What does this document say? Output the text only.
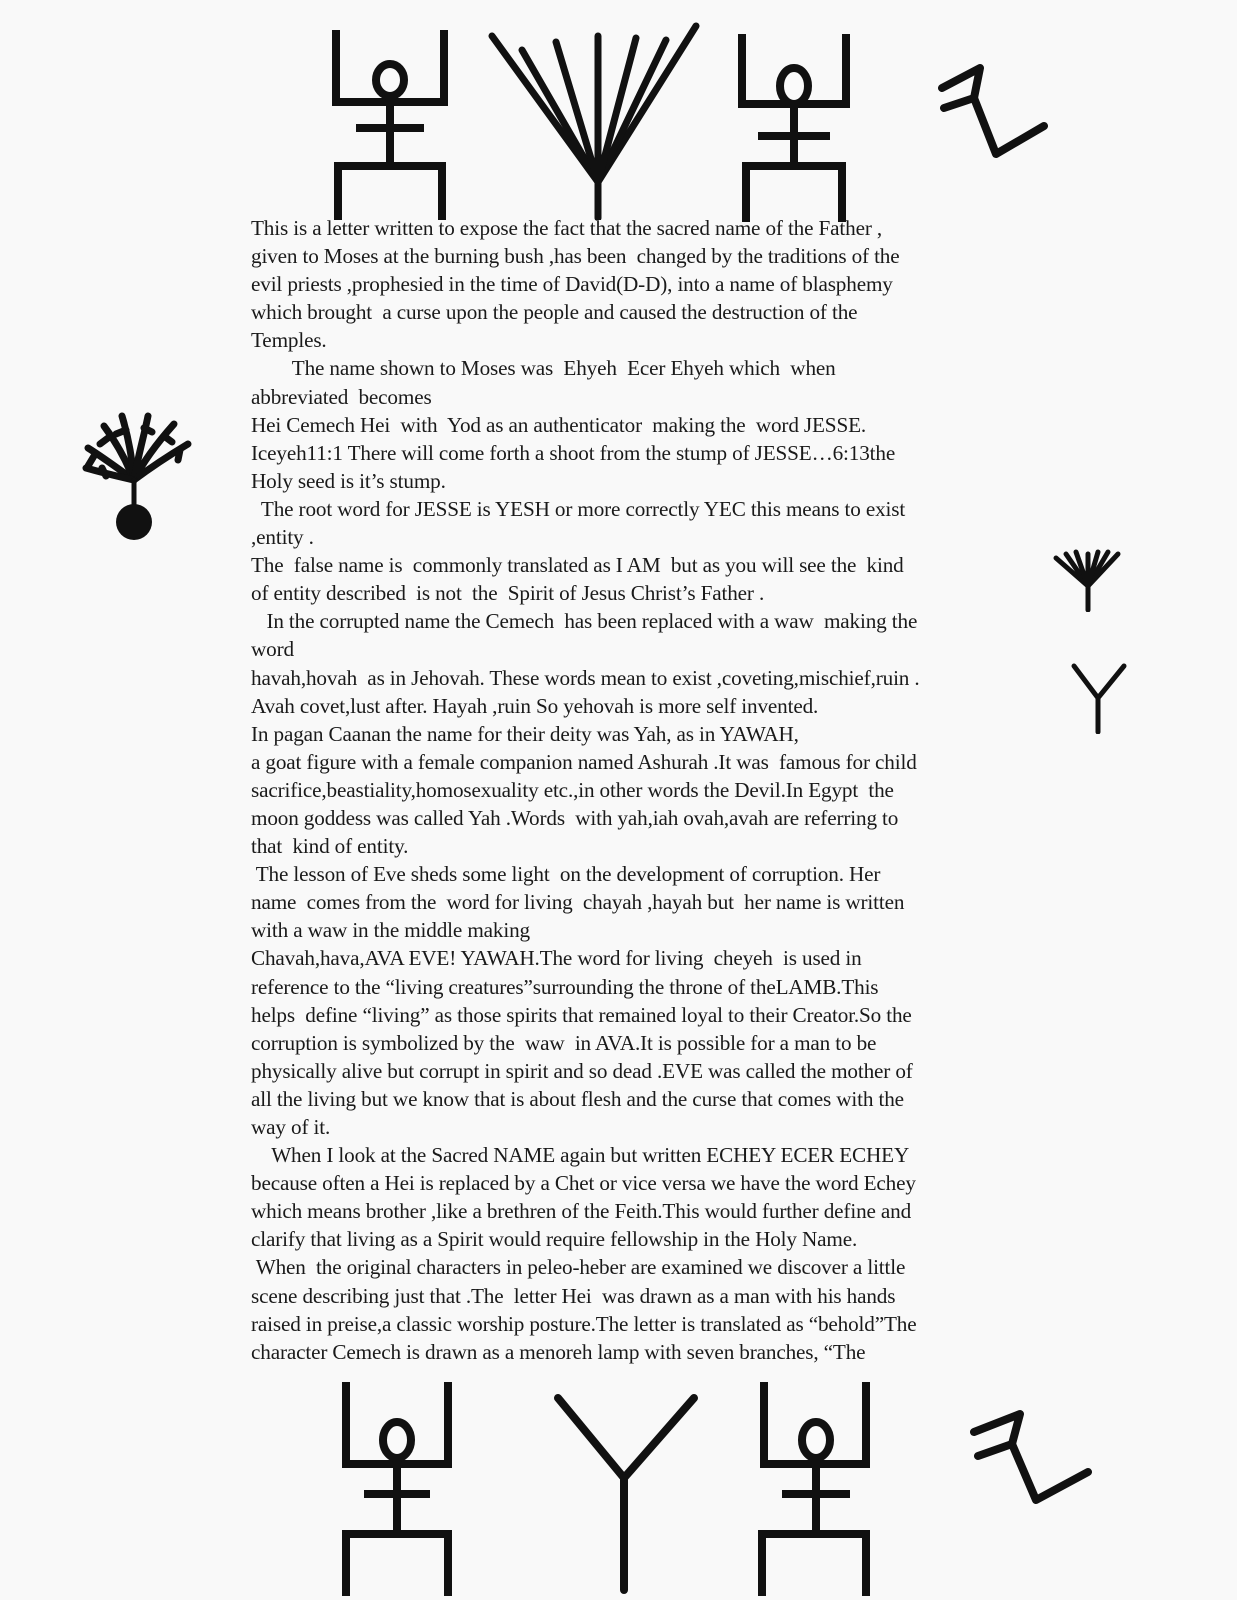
This is a letter written to expose the fact that the sacred name of the Father ,
given to Moses at the burning bush ,has been  changed by the traditions of the
evil priests ,prophesied in the time of David(D-D), into a name of blasphemy
which brought  a curse upon the people and caused the destruction of the
Temples.
The name shown to Moses was  Ehyeh  Ecer Ehyeh which  when
abbreviated  becomes
Hei Cemech Hei  with  Yod as an authenticator  making the  word JESSE.
Iceyeh11:1 There will come forth a shoot from the stump of JESSE…6:13the
Holy seed is it’s stump.
The root word for JESSE is YESH or more correctly YEC this means to exist
,entity .
The  false name is  commonly translated as I AM  but as you will see the  kind
of entity described  is not  the  Spirit of Jesus Christ’s Father .
In the corrupted name the Cemech  has been replaced with a waw  making the
word
havah,hovah  as in Jehovah. These words mean to exist ,coveting,mischief,ruin .
Avah covet,lust after. Hayah ,ruin So yehovah is more self invented.
In pagan Caanan the name for their deity was Yah, as in YAWAH,
a goat figure with a female companion named Ashurah .It was  famous for child
sacrifice,beastiality,homosexuality etc.,in other words the Devil.In Egypt  the
moon goddess was called Yah .Words  with yah,iah ovah,avah are referring to
that  kind of entity.
The lesson of Eve sheds some light  on the development of corruption. Her
name  comes from the  word for living  chayah ,hayah but  her name is written
with a waw in the middle making
Chavah,hava,AVA EVE! YAWAH.The word for living  cheyeh  is used in
reference to the “living creatures”surrounding the throne of theLAMB.This
helps  define “living” as those spirits that remained loyal to their Creator.So the
corruption is symbolized by the  waw  in AVA.It is possible for a man to be
physically alive but corrupt in spirit and so dead .EVE was called the mother of
all the living but we know that is about flesh and the curse that comes with the
way of it.
When I look at the Sacred NAME again but written ECHEY ECER ECHEY
because often a Hei is replaced by a Chet or vice versa we have the word Echey
which means brother ,like a brethren of the Feith.This would further define and
clarify that living as a Spirit would require fellowship in the Holy Name.
When  the original characters in peleo-heber are examined we discover a little
scene describing just that .The  letter Hei  was drawn as a man with his hands
raised in preise,a classic worship posture.The letter is translated as “behold”The
character Cemech is drawn as a menoreh lamp with seven branches, “The
